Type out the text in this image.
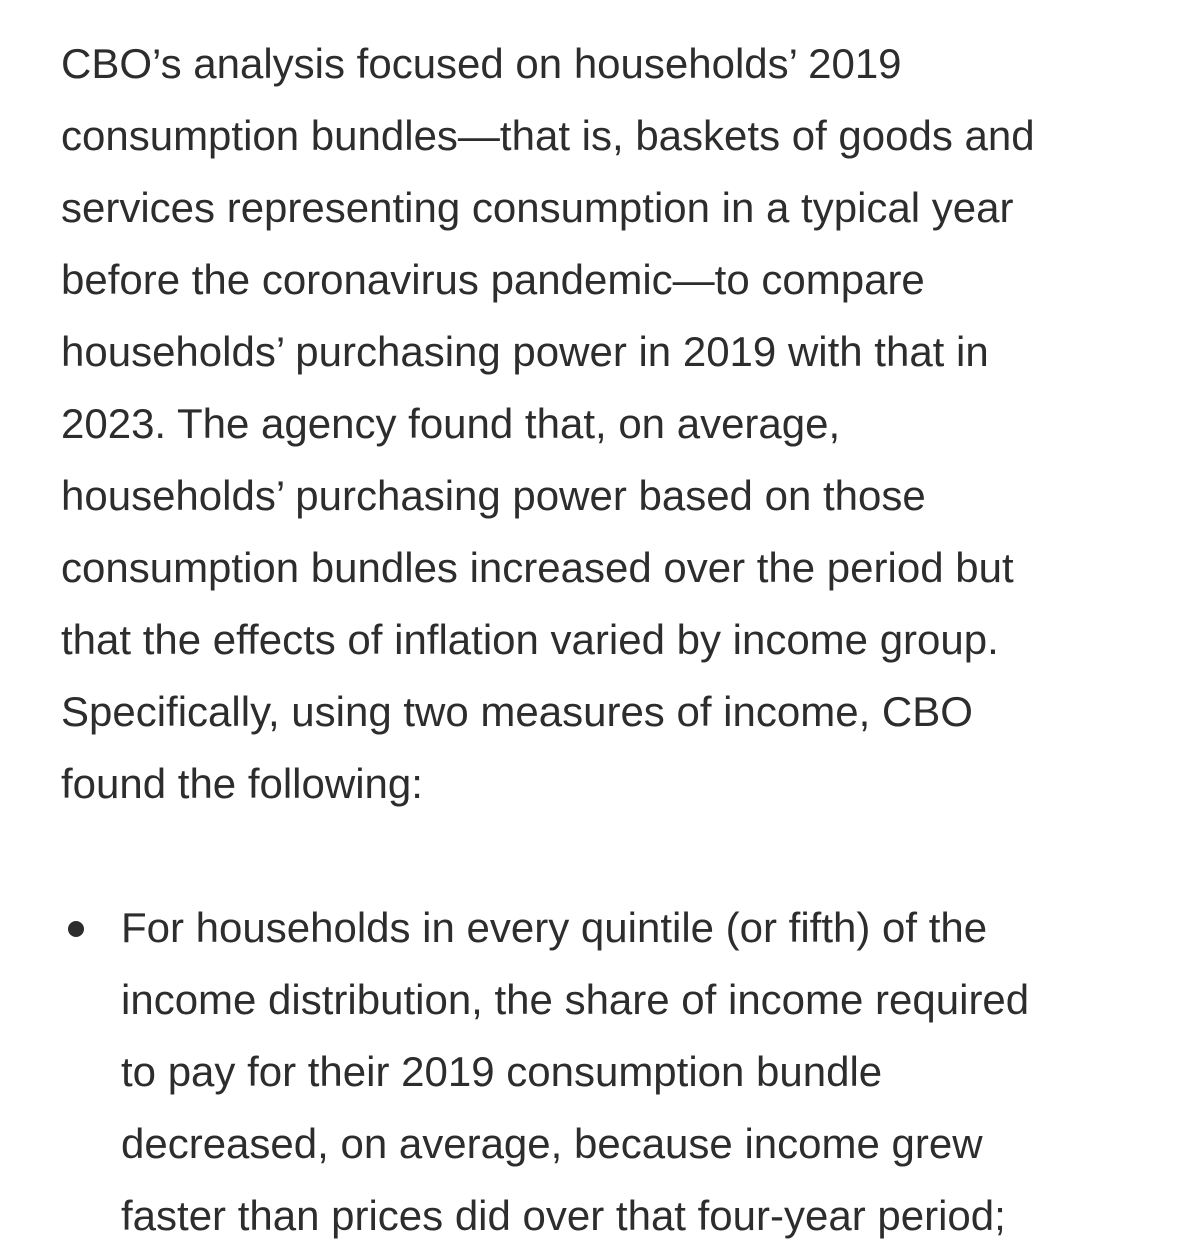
CBO’s analysis focused on households’ 2019
consumption bundles—that is, baskets of goods and
services representing consumption in a typical year
before the coronavirus pandemic—to compare
households’ purchasing power in 2019 with that in
2023. The agency found that, on average,
households’ purchasing power based on those
consumption bundles increased over the period but
that the effects of inflation varied by income group.
Specifically, using two measures of income, CBO
found the following:
For households in every quintile (or fifth) of the
income distribution, the share of income required
to pay for their 2019 consumption bundle
decreased, on average, because income grew
faster than prices did over that four-year period;
